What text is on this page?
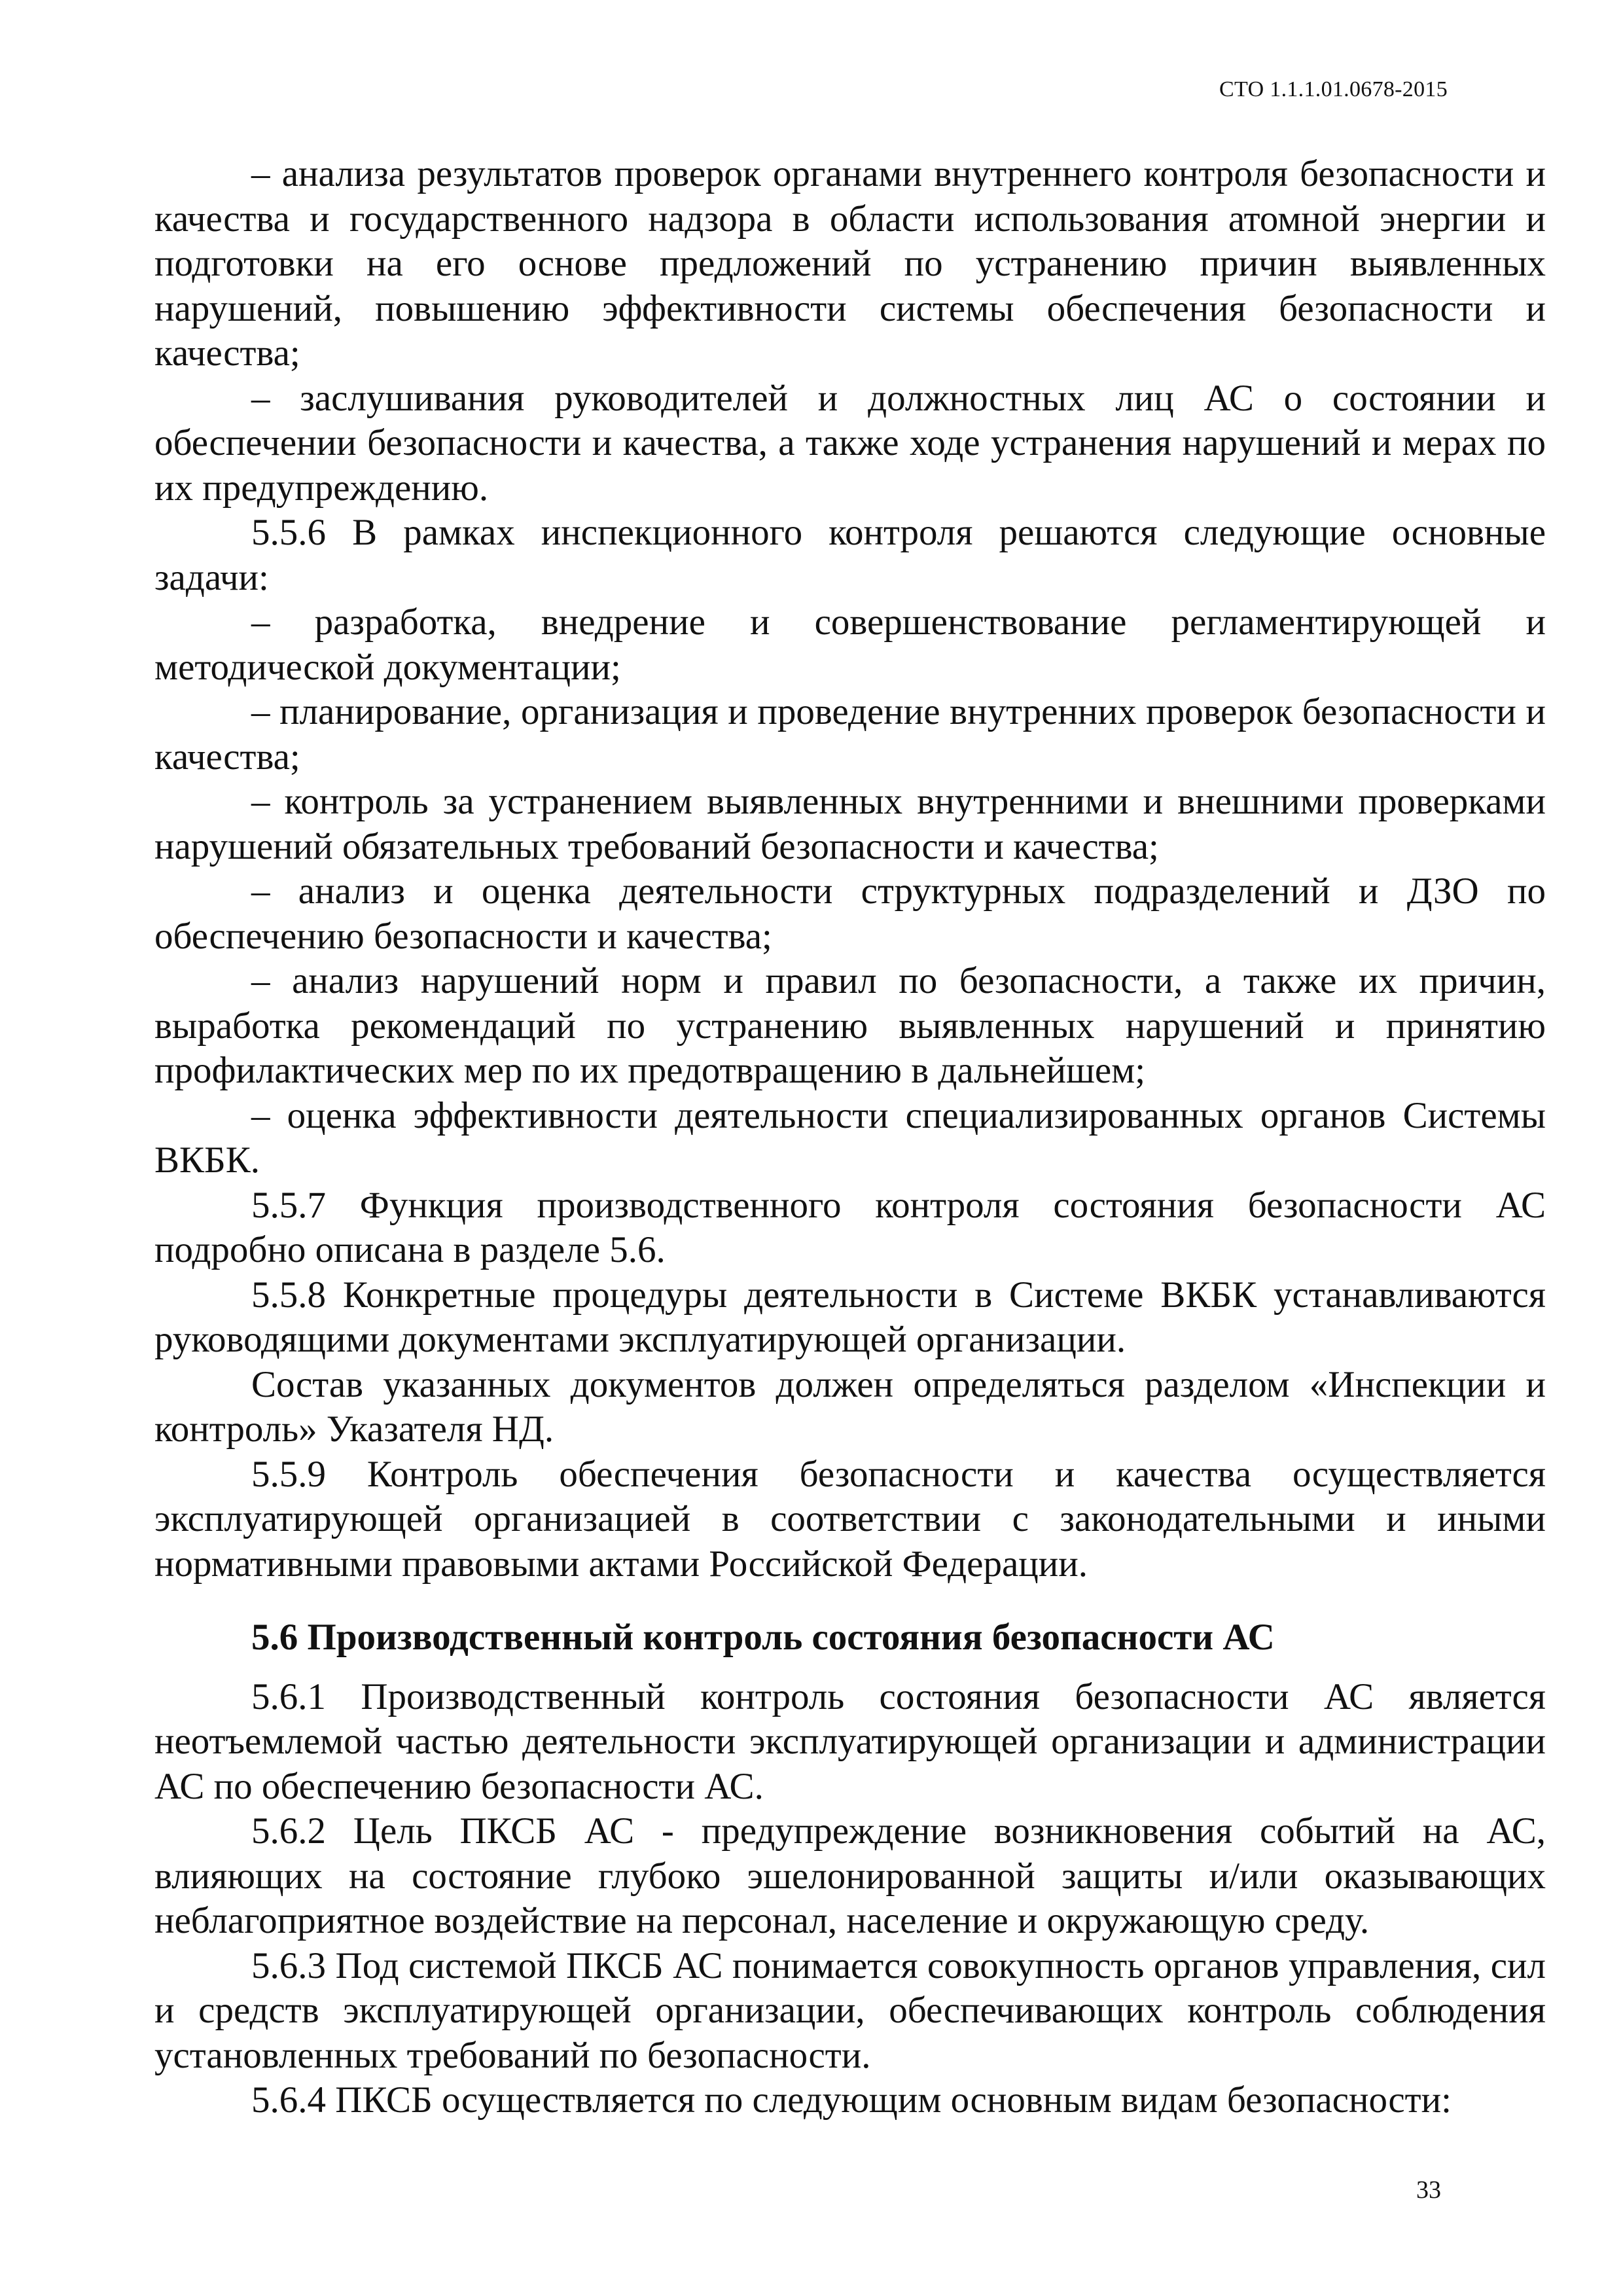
СТО 1.1.1.01.0678-2015

– анализа результатов проверок органами внутреннего контроля безопасности и качества и государственного надзора в области использования атомной энергии и подготовки на его основе предложений по устранению причин выявленных нарушений, повышению эффективности системы обеспечения безопасности и качества;

– заслушивания руководителей и должностных лиц АС о состоянии и обеспечении безопасности и качества, а также ходе устранения нарушений и мерах по их предупреждению.

5.5.6 В рамках инспекционного контроля решаются следующие основные задачи:

– разработка, внедрение и совершенствование регламентирующей и методической документации;

– планирование, организация и проведение внутренних проверок безопасности и качества;

– контроль за устранением выявленных внутренними и внешними проверками нарушений обязательных требований безопасности и качества;

– анализ и оценка деятельности структурных подразделений и ДЗО по обеспечению безопасности и качества;

– анализ нарушений норм и правил по безопасности, а также их причин, выработка рекомендаций по устранению выявленных нарушений и принятию профилактических мер по их предотвращению в дальнейшем;

– оценка эффективности деятельности специализированных органов Системы ВКБК.

5.5.7 Функция производственного контроля состояния безопасности АС подробно описана в разделе 5.6.

5.5.8 Конкретные процедуры деятельности в Системе ВКБК устанавливаются руководящими документами эксплуатирующей организации.

Состав указанных документов должен определяться разделом «Инспекции и контроль» Указателя НД.

5.5.9 Контроль обеспечения безопасности и качества осуществляется эксплуатирующей организацией в соответствии с законодательными и иными нормативными правовыми актами Российской Федерации.

5.6 Производственный контроль состояния безопасности АС

5.6.1 Производственный контроль состояния безопасности АС является неотъемлемой частью деятельности эксплуатирующей организации и администрации АС по обеспечению безопасности АС.

5.6.2 Цель ПКСБ АС - предупреждение возникновения событий на АС, влияющих на состояние глубоко эшелонированной защиты и/или оказывающих неблагоприятное воздействие на персонал, население и окружающую среду.

5.6.3 Под системой ПКСБ АС понимается совокупность органов управления, сил и средств эксплуатирующей организации, обеспечивающих контроль соблюдения установленных требований по безопасности.

5.6.4 ПКСБ осуществляется по следующим основным видам безопасности:

33
